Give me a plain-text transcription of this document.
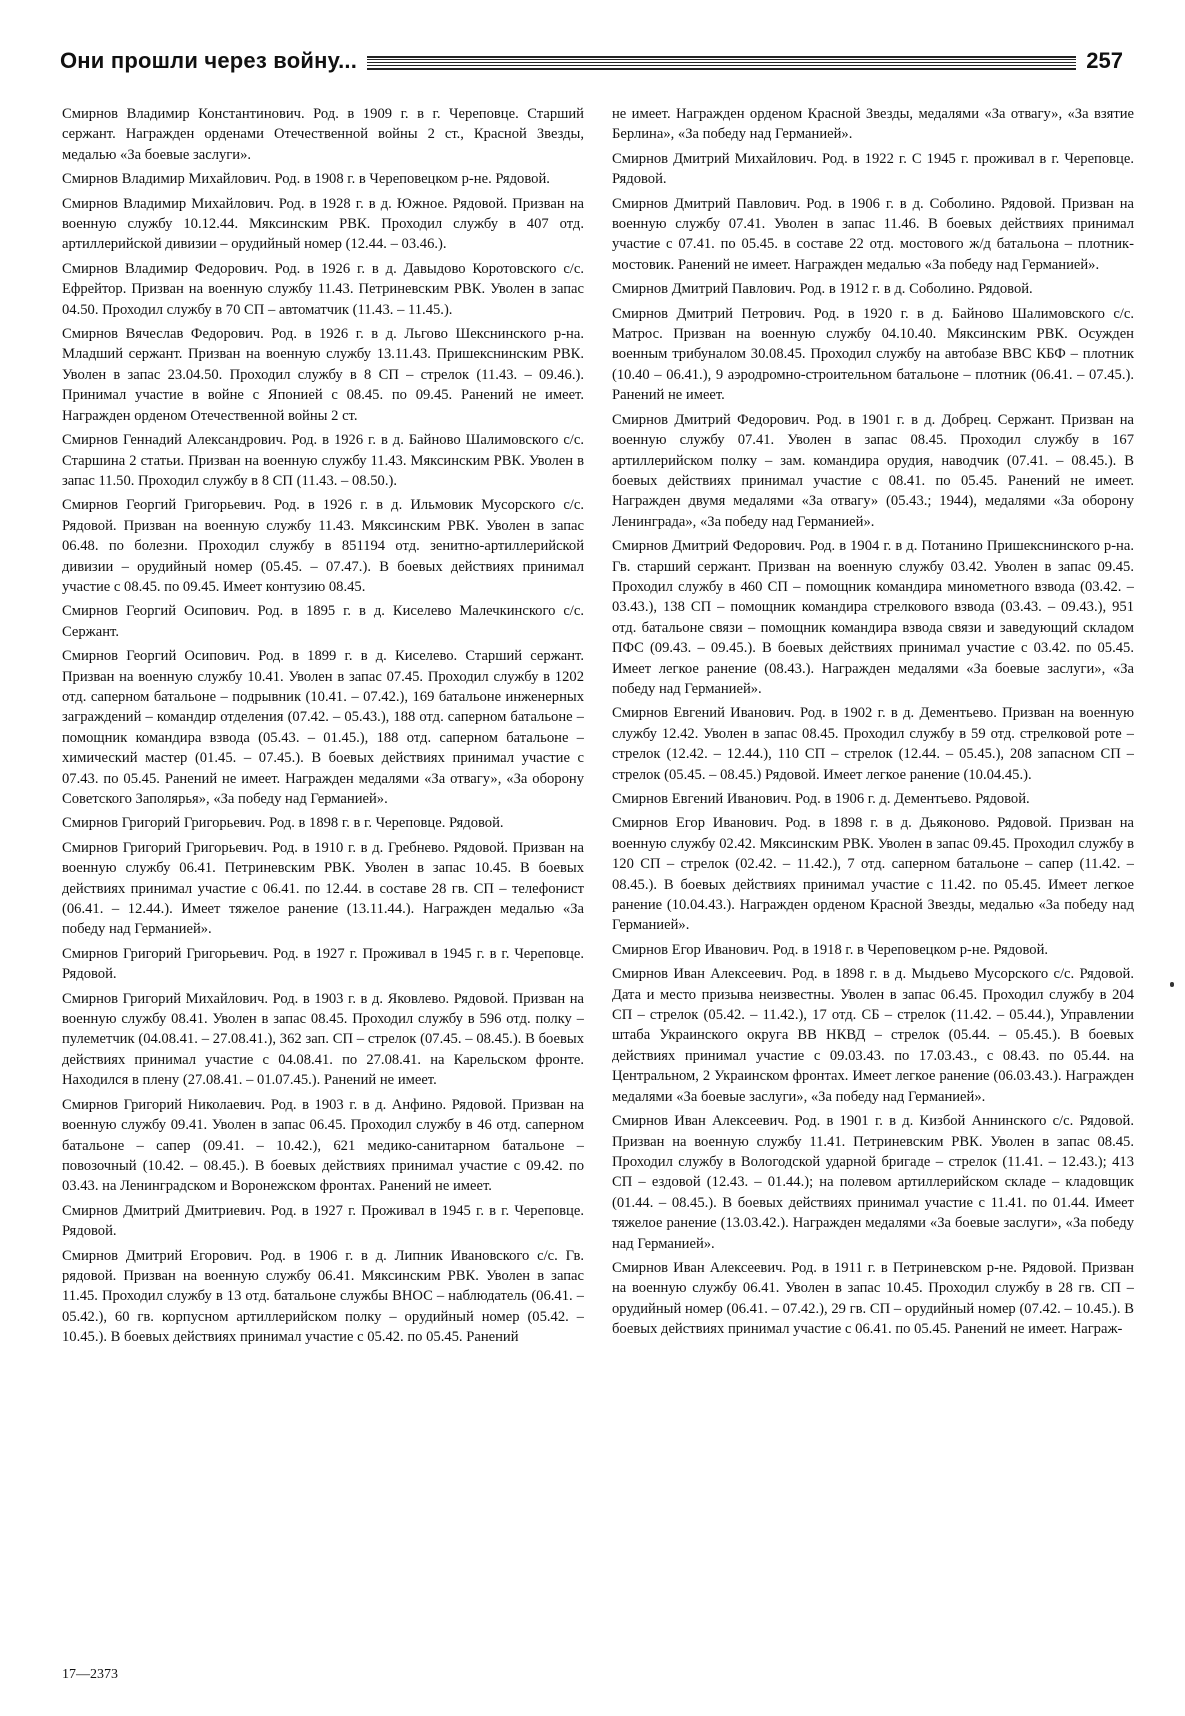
Они прошли через войну...	257

Смирнов Владимир Константинович. Род. в 1909 г. в г. Череповце. Старший сержант. Награжден орденами Отечественной войны 2 ст., Красной Звезды, медалью «За боевые заслуги».

Смирнов Владимир Михайлович. Род. в 1908 г. в Череповецком р-не. Рядовой.

Смирнов Владимир Михайлович. Род. в 1928 г. в д. Южное. Рядовой. Призван на военную службу 10.12.44. Мяксинским РВК. Проходил службу в 407 отд. артиллерийской дивизии – орудийный номер (12.44. – 03.46.).

Смирнов Владимир Федорович. Род. в 1926 г. в д. Давыдово Коротовского с/с. Ефрейтор. Призван на военную службу 11.43. Петриневским РВК. Уволен в запас 04.50. Проходил службу в 70 СП – автоматчик (11.43. – 11.45.).

Смирнов Вячеслав Федорович. Род. в 1926 г. в д. Льгово Шекснинского р-на. Младший сержант. Призван на военную службу 13.11.43. Пришекснинским РВК. Уволен в запас 23.04.50. Проходил службу в 8 СП – стрелок (11.43. – 09.46.). Принимал участие в войне с Японией с 08.45. по 09.45. Ранений не имеет. Награжден орденом Отечественной войны 2 ст.

Смирнов Геннадий Александрович. Род. в 1926 г. в д. Байново Шалимовского с/с. Старшина 2 статьи. Призван на военную службу 11.43. Мяксинским РВК. Уволен в запас 11.50. Проходил службу в 8 СП (11.43. – 08.50.).

Смирнов Георгий Григорьевич. Род. в 1926 г. в д. Ильмовик Мусорского с/с. Рядовой. Призван на военную службу 11.43. Мяксинским РВК. Уволен в запас 06.48. по болезни. Проходил службу в 851194 отд. зенитно-артиллерийской дивизии – орудийный номер (05.45. – 07.47.). В боевых действиях принимал участие с 08.45. по 09.45. Имеет контузию 08.45.

Смирнов Георгий Осипович. Род. в 1895 г. в д. Киселево Малечкинского с/с. Сержант.

Смирнов Георгий Осипович. Род. в 1899 г. в д. Киселево. Старший сержант. Призван на военную службу 10.41. Уволен в запас 07.45. Проходил службу в 1202 отд. саперном батальоне – подрывник (10.41. – 07.42.), 169 батальоне инженерных заграждений – командир отделения (07.42. – 05.43.), 188 отд. саперном батальоне – помощник командира взвода (05.43. – 01.45.), 188 отд. саперном батальоне – химический мастер (01.45. – 07.45.). В боевых действиях принимал участие с 07.43. по 05.45. Ранений не имеет. Награжден медалями «За отвагу», «За оборону Советского Заполярья», «За победу над Германией».

Смирнов Григорий Григорьевич. Род. в 1898 г. в г. Череповце. Рядовой.

Смирнов Григорий Григорьевич. Род. в 1910 г. в д. Гребнево. Рядовой. Призван на военную службу 06.41. Петриневским РВК. Уволен в запас 10.45. В боевых действиях принимал участие с 06.41. по 12.44. в составе 28 гв. СП – телефонист (06.41. – 12.44.). Имеет тяжелое ранение (13.11.44.). Награжден медалью «За победу над Германией».

Смирнов Григорий Григорьевич. Род. в 1927 г. Проживал в 1945 г. в г. Череповце. Рядовой.

Смирнов Григорий Михайлович. Род. в 1903 г. в д. Яковлево. Рядовой. Призван на военную службу 08.41. Уволен в запас 08.45. Проходил службу в 596 отд. полку – пулеметчик (04.08.41. – 27.08.41.), 362 зап. СП – стрелок (07.45. – 08.45.). В боевых действиях принимал участие с 04.08.41. по 27.08.41. на Карельском фронте. Находился в плену (27.08.41. – 01.07.45.). Ранений не имеет.

Смирнов Григорий Николаевич. Род. в 1903 г. в д. Анфино. Рядовой. Призван на военную службу 09.41. Уволен в запас 06.45. Проходил службу в 46 отд. саперном батальоне – сапер (09.41. – 10.42.), 621 медико-санитарном батальоне – повозочный (10.42. – 08.45.). В боевых действиях принимал участие с 09.42. по 03.43. на Ленинградском и Воронежском фронтах. Ранений не имеет.

Смирнов Дмитрий Дмитриевич. Род. в 1927 г. Проживал в 1945 г. в г. Череповце. Рядовой.

Смирнов Дмитрий Егорович. Род. в 1906 г. в д. Липник Ивановского с/с. Гв. рядовой. Призван на военную службу 06.41. Мяксинским РВК. Уволен в запас 11.45. Проходил службу в 13 отд. батальоне службы ВНОС – наблюдатель (06.41. – 05.42.), 60 гв. корпусном артиллерийском полку – орудийный номер (05.42. – 10.45.). В боевых действиях принимал участие с 05.42. по 05.45. Ранений

не имеет. Награжден орденом Красной Звезды, медалями «За отвагу», «За взятие Берлина», «За победу над Германией».

Смирнов Дмитрий Михайлович. Род. в 1922 г. С 1945 г. проживал в г. Череповце. Рядовой.

Смирнов Дмитрий Павлович. Род. в 1906 г. в д. Соболино. Рядовой. Призван на военную службу 07.41. Уволен в запас 11.46. В боевых действиях принимал участие с 07.41. по 05.45. в составе 22 отд. мостового ж/д батальона – плотник-мостовик. Ранений не имеет. Награжден медалью «За победу над Германией».

Смирнов Дмитрий Павлович. Род. в 1912 г. в д. Соболино. Рядовой.

Смирнов Дмитрий Петрович. Род. в 1920 г. в д. Байново Шалимовского с/с. Матрос. Призван на военную службу 04.10.40. Мяксинским РВК. Осужден военным трибуналом 30.08.45. Проходил службу на автобазе ВВС КБФ – плотник (10.40 – 06.41.), 9 аэродромно-строительном батальоне – плотник (06.41. – 07.45.). Ранений не имеет.

Смирнов Дмитрий Федорович. Род. в 1901 г. в д. Добрец. Сержант. Призван на военную службу 07.41. Уволен в запас 08.45. Проходил службу в 167 артиллерийском полку – зам. командира орудия, наводчик (07.41. – 08.45.). В боевых действиях принимал участие с 08.41. по 05.45. Ранений не имеет. Награжден двумя медалями «За отвагу» (05.43.; 1944), медалями «За оборону Ленинграда», «За победу над Германией».

Смирнов Дмитрий Федорович. Род. в 1904 г. в д. Потанино Пришекснинского р-на. Гв. старший сержант. Призван на военную службу 03.42. Уволен в запас 09.45. Проходил службу в 460 СП – помощник командира минометного взвода (03.42. – 03.43.), 138 СП – помощник командира стрелкового взвода (03.43. – 09.43.), 951 отд. батальоне связи – помощник командира взвода связи и заведующий складом ПФС (09.43. – 09.45.). В боевых действиях принимал участие с 03.42. по 05.45. Имеет легкое ранение (08.43.). Награжден медалями «За боевые заслуги», «За победу над Германией».

Смирнов Евгений Иванович. Род. в 1902 г. в д. Дементьево. Призван на военную службу 12.42. Уволен в запас 08.45. Проходил службу в 59 отд. стрелковой роте – стрелок (12.42. – 12.44.), 110 СП – стрелок (12.44. – 05.45.), 208 запасном СП – стрелок (05.45. – 08.45.) Рядовой. Имеет легкое ранение (10.04.45.).

Смирнов Евгений Иванович. Род. в 1906 г. д. Дементьево. Рядовой.

Смирнов Егор Иванович. Род. в 1898 г. в д. Дьяконово. Рядовой. Призван на военную службу 02.42. Мяксинским РВК. Уволен в запас 09.45. Проходил службу в 120 СП – стрелок (02.42. – 11.42.), 7 отд. саперном батальоне – сапер (11.42. – 08.45.). В боевых действиях принимал участие с 11.42. по 05.45. Имеет легкое ранение (10.04.43.). Награжден орденом Красной Звезды, медалью «За победу над Германией».

Смирнов Егор Иванович. Род. в 1918 г. в Череповецком р-не. Рядовой.

Смирнов Иван Алексеевич. Род. в 1898 г. в д. Мыдьево Мусорского с/с. Рядовой. Дата и место призыва неизвестны. Уволен в запас 06.45. Проходил службу в 204 СП – стрелок (05.42. – 11.42.), 17 отд. СБ – стрелок (11.42. – 05.44.), Управлении штаба Украинского округа ВВ НКВД – стрелок (05.44. – 05.45.). В боевых действиях принимал участие с 09.03.43. по 17.03.43., с 08.43. по 05.44. на Центральном, 2 Украинском фронтах. Имеет легкое ранение (06.03.43.). Награжден медалями «За боевые заслуги», «За победу над Германией».

Смирнов Иван Алексеевич. Род. в 1901 г. в д. Кизбой Аннинского с/с. Рядовой. Призван на военную службу 11.41. Петриневским РВК. Уволен в запас 08.45. Проходил службу в Вологодской ударной бригаде – стрелок (11.41. – 12.43.); 413 СП – ездовой (12.43. – 01.44.); на полевом артиллерийском складе – кладовщик (01.44. – 08.45.). В боевых действиях принимал участие с 11.41. по 01.44. Имеет тяжелое ранение (13.03.42.). Награжден медалями «За боевые заслуги», «За победу над Германией».

Смирнов Иван Алексеевич. Род. в 1911 г. в Петриневском р-не. Рядовой. Призван на военную службу 06.41. Уволен в запас 10.45. Проходил службу в 28 гв. СП – орудийный номер (06.41. – 07.42.), 29 гв. СП – орудийный номер (07.42. – 10.45.). В боевых действиях принимал участие с 06.41. по 05.45. Ранений не имеет. Награж-

17—2373
